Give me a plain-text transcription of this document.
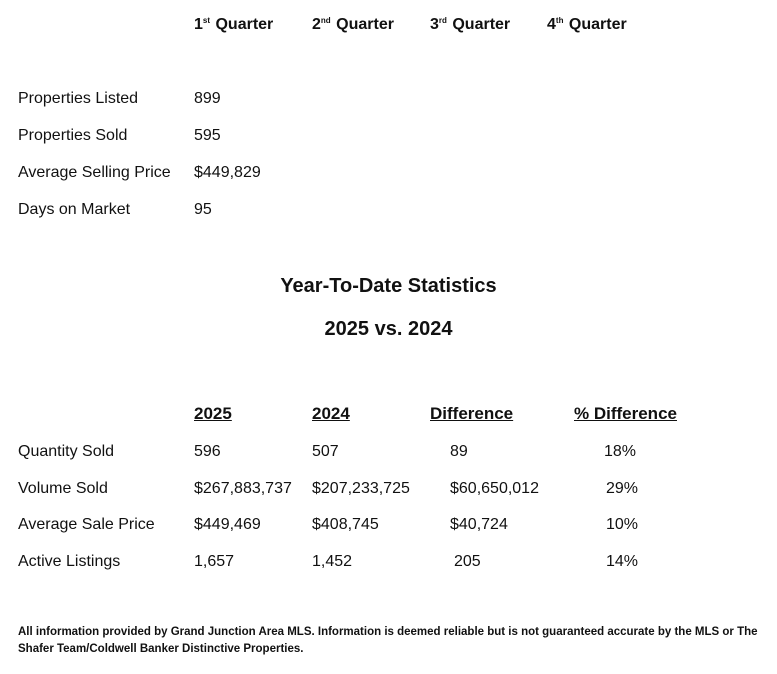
1st Quarter 2nd Quarter 3rd Quarter 4th Quarter
Properties Listed	899
Properties Sold	595
Average Selling Price $449,829
Days on Market	95
Year-To-Date Statistics
2025 vs. 2024
2025	2024	Difference	% Difference
Quantity Sold	596	507	89	18%
Volume Sold	$267,883,737 $207,233,725	$60,650,012	29%
Average Sale Price $449,469	$408,745	$40,724	10%
Active Listings	1,657	1,452	205	14%
All information provided by Grand Junction Area MLS. Information is deemed reliable but is not guaranteed accurate by the MLS or The Shafer Team/Coldwell Banker Distinctive Properties.
